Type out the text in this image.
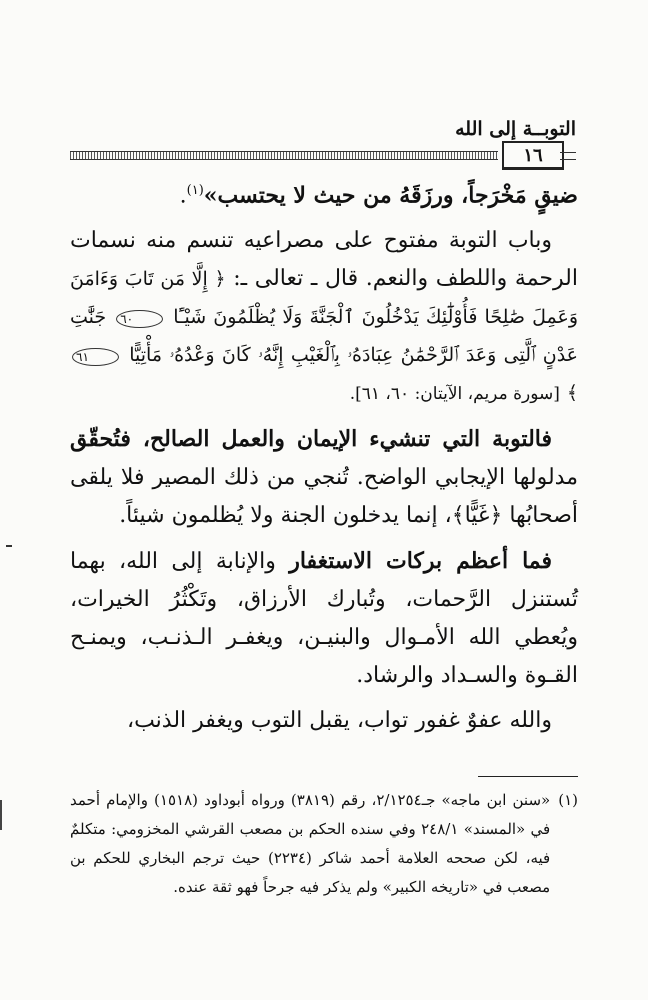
التوبــة إلى الله
١٦

ضيقٍ مَخْرَجاً، ورزَقَهُ من حيث لا يحتسب»$^{(١)}$.

وباب التوبة مفتوح على مصراعيه تنسم منه نسمات الرحمة واللطف والنعم. قال ـ تعالى ـ: ﴿ إِلَّا مَن تَابَ وَءَامَنَ وَعَمِلَ صَٰلِحًا فَأُوْلَٰٓئِكَ يَدْخُلُونَ ٱلْجَنَّةَ وَلَا يُظْلَمُونَ شَيْـًٔا ٦٠ جَنَّٰتِ عَدْنٍ ٱلَّتِى وَعَدَ ٱلرَّحْمَٰنُ عِبَادَهُۥ بِٱلْغَيْبِ إِنَّهُۥ كَانَ وَعْدُهُۥ مَأْتِيًّا ٦١ ﴾ [سورة مريم، الآيتان: ٦٠، ٦١].

فالتوبة التي تنشيء الإيمان والعمل الصالح، فتُحقّق مدلولها الإيجابي الواضح. تُنجي من ذلك المصير فلا يلقى أصحابُها ﴿غَيًّا﴾، إنما يدخلون الجنة ولا يُظلمون شيئاً.

فما أعظم بركات الاستغفار والإنابة إلى الله، بهما تُستنزل الرَّحمات، وتُبارك الأرزاق، وتَكْثُرُ الخيرات، ويُعطي الله الأمـوال والبنيـن، ويغفـر الـذنـب، ويمنـح القـوة والسـداد والرشاد.

والله عفوٌ غفور تواب، يقبل التوب ويغفر الذنب،

(١)
«سنن ابن ماجه» جـ٢/١٢٥٤، رقم (٣٨١٩) ورواه أبوداود (١٥١٨) والإمام أحمد في «المسند» ٢٤٨/١ وفي سنده الحكم بن مصعب القرشي المخزومي: متكلمٌ فيه، لكن صححه العلامة أحمد شاكر (٢٢٣٤) حيث ترجم البخاري للحكم بن مصعب في «تاريخه الكبير» ولم يذكر فيه جرحاً فهو ثقة عنده.
